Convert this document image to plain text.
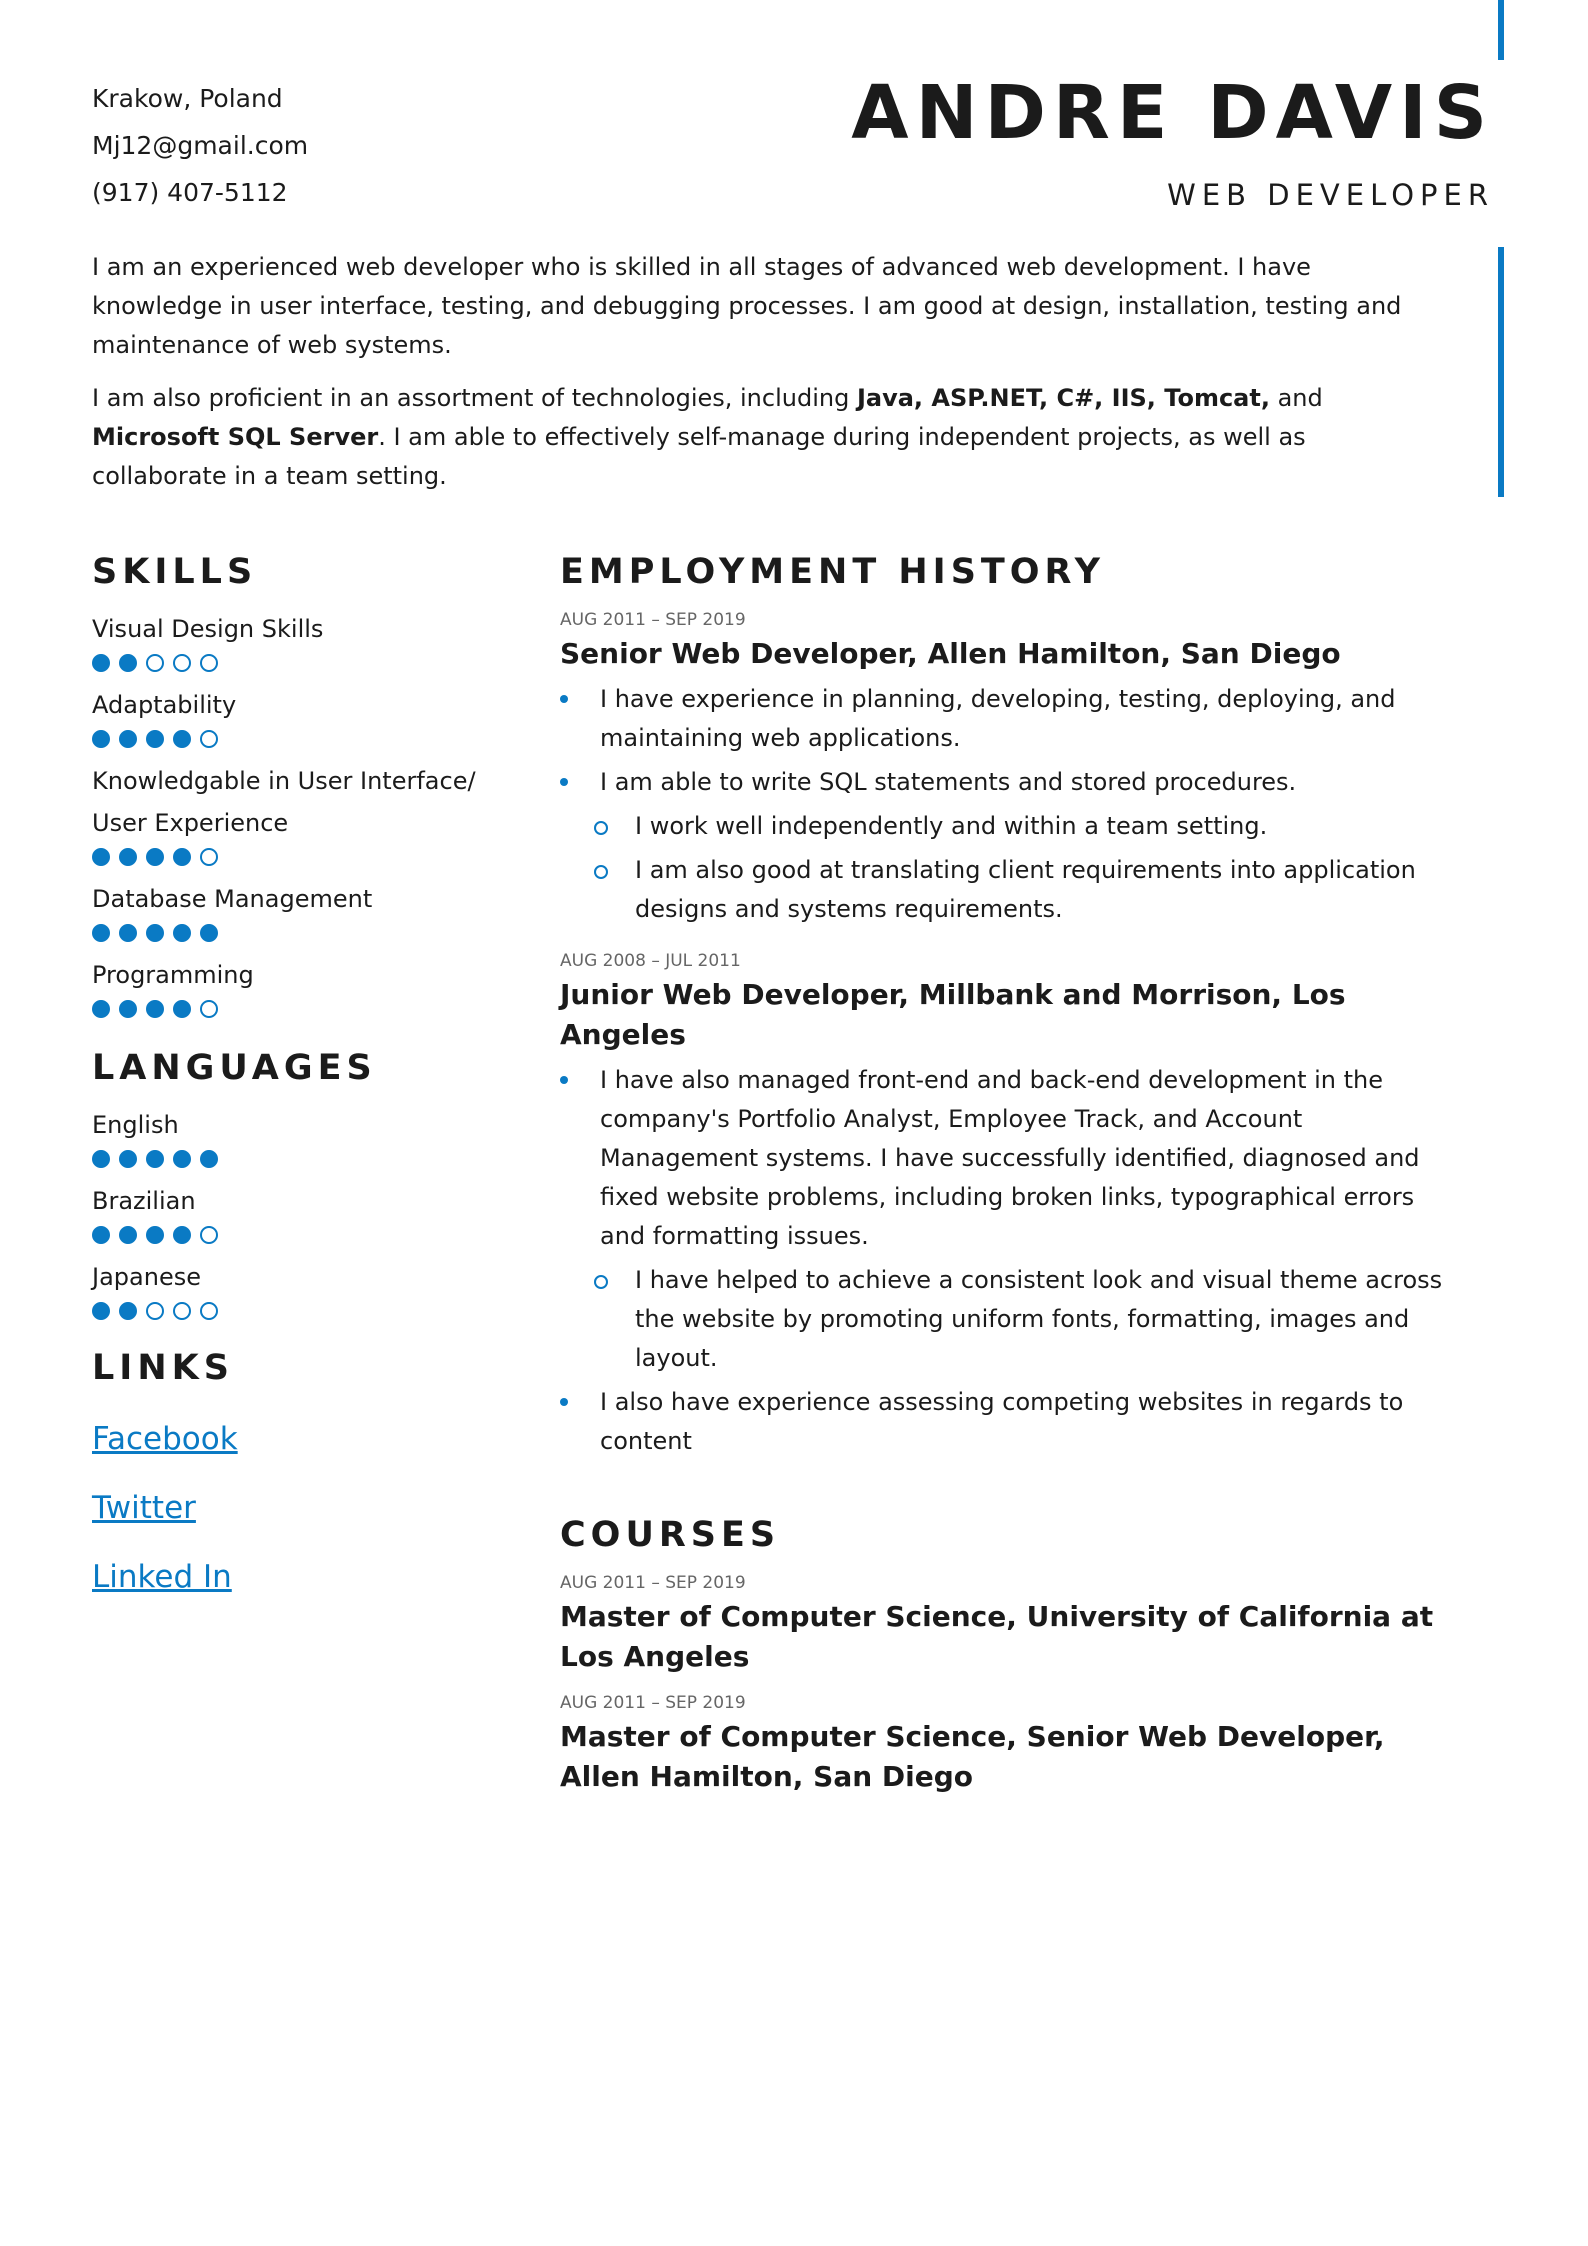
Krakow, Poland
Mj12@gmail.com
(917) 407-5112
ANDRE DAVIS
WEB DEVELOPER

I am an experienced web developer who is skilled in all stages of advanced web development. I have knowledge in user interface, testing, and debugging processes. I am good at design, installation, testing and maintenance of web systems.

I am also proficient in an assortment of technologies, including Java, ASP.NET, C#, IIS, Tomcat, and Microsoft SQL Server. I am able to effectively self-manage during independent projects, as well as collaborate in a team setting.

SKILLS
Visual Design Skills
Adaptability
Knowledgable in User Interface/ User Experience
Database Management
Programming
LANGUAGES
English
Brazilian
Japanese
LINKS
Facebook
Twitter
Linked In
EMPLOYMENT HISTORY
AUG 2011 – SEP 2019
Senior Web Developer, Allen Hamilton, San Diego
I have experience in planning, developing, testing, deploying, and maintaining web applications.
I am able to write SQL statements and stored procedures.
I work well independently and within a team setting.
I am also good at translating client requirements into application designs and systems requirements.
AUG 2008 – JUL 2011
Junior Web Developer, Millbank and Morrison, Los Angeles
I have also managed front-end and back-end development in the company's Portfolio Analyst, Employee Track, and Account Management systems. I have successfully identified, diagnosed and fixed website problems, including broken links, typographical errors and formatting issues.
I have helped to achieve a consistent look and visual theme across the website by promoting uniform fonts, formatting, images and layout.
I also have experience assessing competing websites in regards to content
COURSES
AUG 2011 – SEP 2019
Master of Computer Science, University of California at Los Angeles
AUG 2011 – SEP 2019
Master of Computer Science, Senior Web Developer, Allen Hamilton, San Diego
